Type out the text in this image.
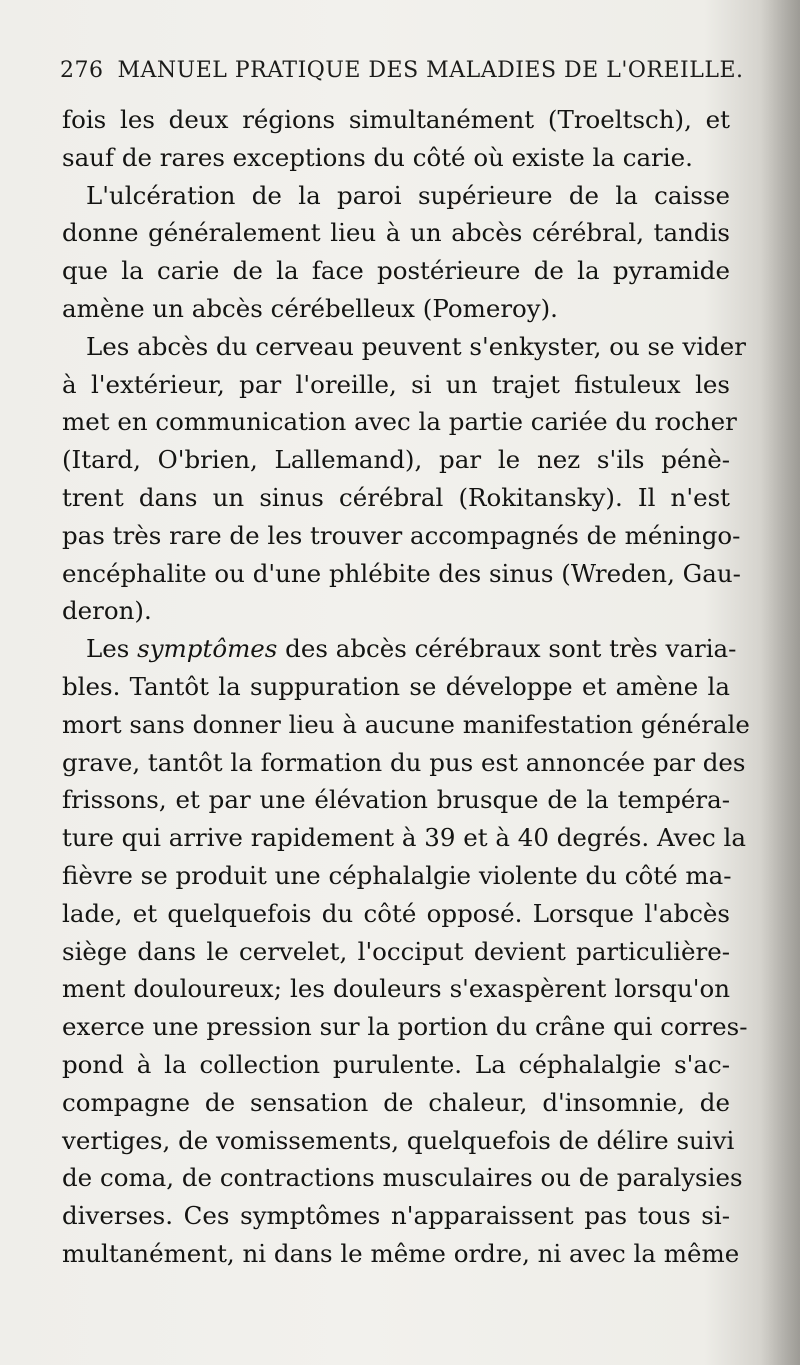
276 MANUEL PRATIQUE DES MALADIES DE L'OREILLE.
fois les deux régions simultanément (Troeltsch), et
sauf de rares exceptions du côté où existe la carie.
L'ulcération de la paroi supérieure de la caisse
donne généralement lieu à un abcès cérébral, tandis
que la carie de la face postérieure de la pyramide
amène un abcès cérébelleux (Pomeroy).
Les abcès du cerveau peuvent s'enkyster, ou se vider
à l'extérieur, par l'oreille, si un trajet fistuleux les
met en communication avec la partie cariée du rocher
(Itard, O'brien, Lallemand), par le nez s'ils pénè-
trent dans un sinus cérébral (Rokitansky). Il n'est
pas très rare de les trouver accompagnés de méningo-
encéphalite ou d'une phlébite des sinus (Wreden, Gau-
deron).
Les symptômes des abcès cérébraux sont très varia-
bles. Tantôt la suppuration se développe et amène la
mort sans donner lieu à aucune manifestation générale
grave, tantôt la formation du pus est annoncée par des
frissons, et par une élévation brusque de la tempéra-
ture qui arrive rapidement à 39 et à 40 degrés. Avec la
fièvre se produit une céphalalgie violente du côté ma-
lade, et quelquefois du côté opposé. Lorsque l'abcès
siège dans le cervelet, l'occiput devient particulière-
ment douloureux; les douleurs s'exaspèrent lorsqu'on
exerce une pression sur la portion du crâne qui corres-
pond à la collection purulente. La céphalalgie s'ac-
compagne de sensation de chaleur, d'insomnie, de
vertiges, de vomissements, quelquefois de délire suivi
de coma, de contractions musculaires ou de paralysies
diverses. Ces symptômes n'apparaissent pas tous si-
multanément, ni dans le même ordre, ni avec la même
